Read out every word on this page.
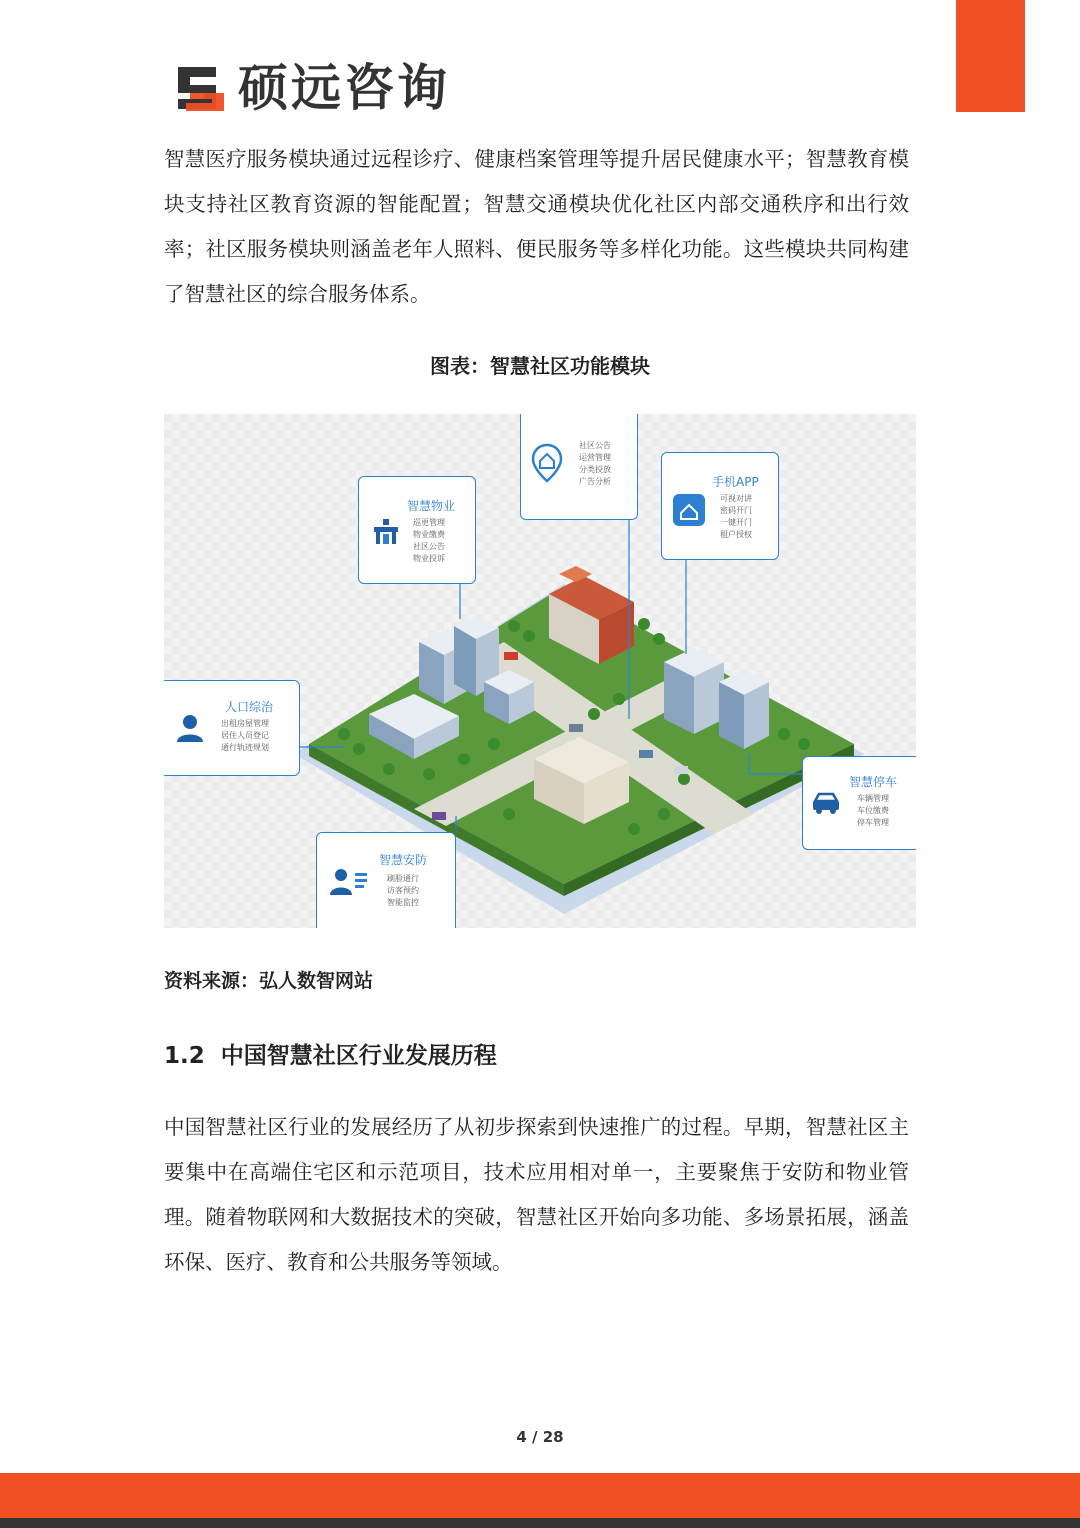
硕远咨询
智慧医疗服务模块通过远程诊疗、健康档案管理等提升居民健康水平；智慧教育模块支持社区教育资源的智能配置；智慧交通模块优化社区内部交通秩序和出行效率；社区服务模块则涵盖老年人照料、便民服务等多样化功能。这些模块共同构建了智慧社区的综合服务体系。
图表：智慧社区功能模块
社区公告
运营管理
分类投放
广告分析	手机APP
可视对讲
密码开门
一键开门
租户授权
智慧物业
巡更管理
物业缴费
社区公告
物业投诉
人口综治
出租房屋管理
居住人员登记
通行轨迹规划
智慧停车
车辆管理
车位缴费
停车管理
智慧安防
刷脸通行
访客预约
智能监控
资料来源：弘人数智网站
1.2  中国智慧社区行业发展历程
中国智慧社区行业的发展经历了从初步探索到快速推广的过程。早期，智慧社区主要集中在高端住宅区和示范项目，技术应用相对单一，主要聚焦于安防和物业管理。随着物联网和大数据技术的突破，智慧社区开始向多功能、多场景拓展，涵盖环保、医疗、教育和公共服务等领域。
4 / 28
